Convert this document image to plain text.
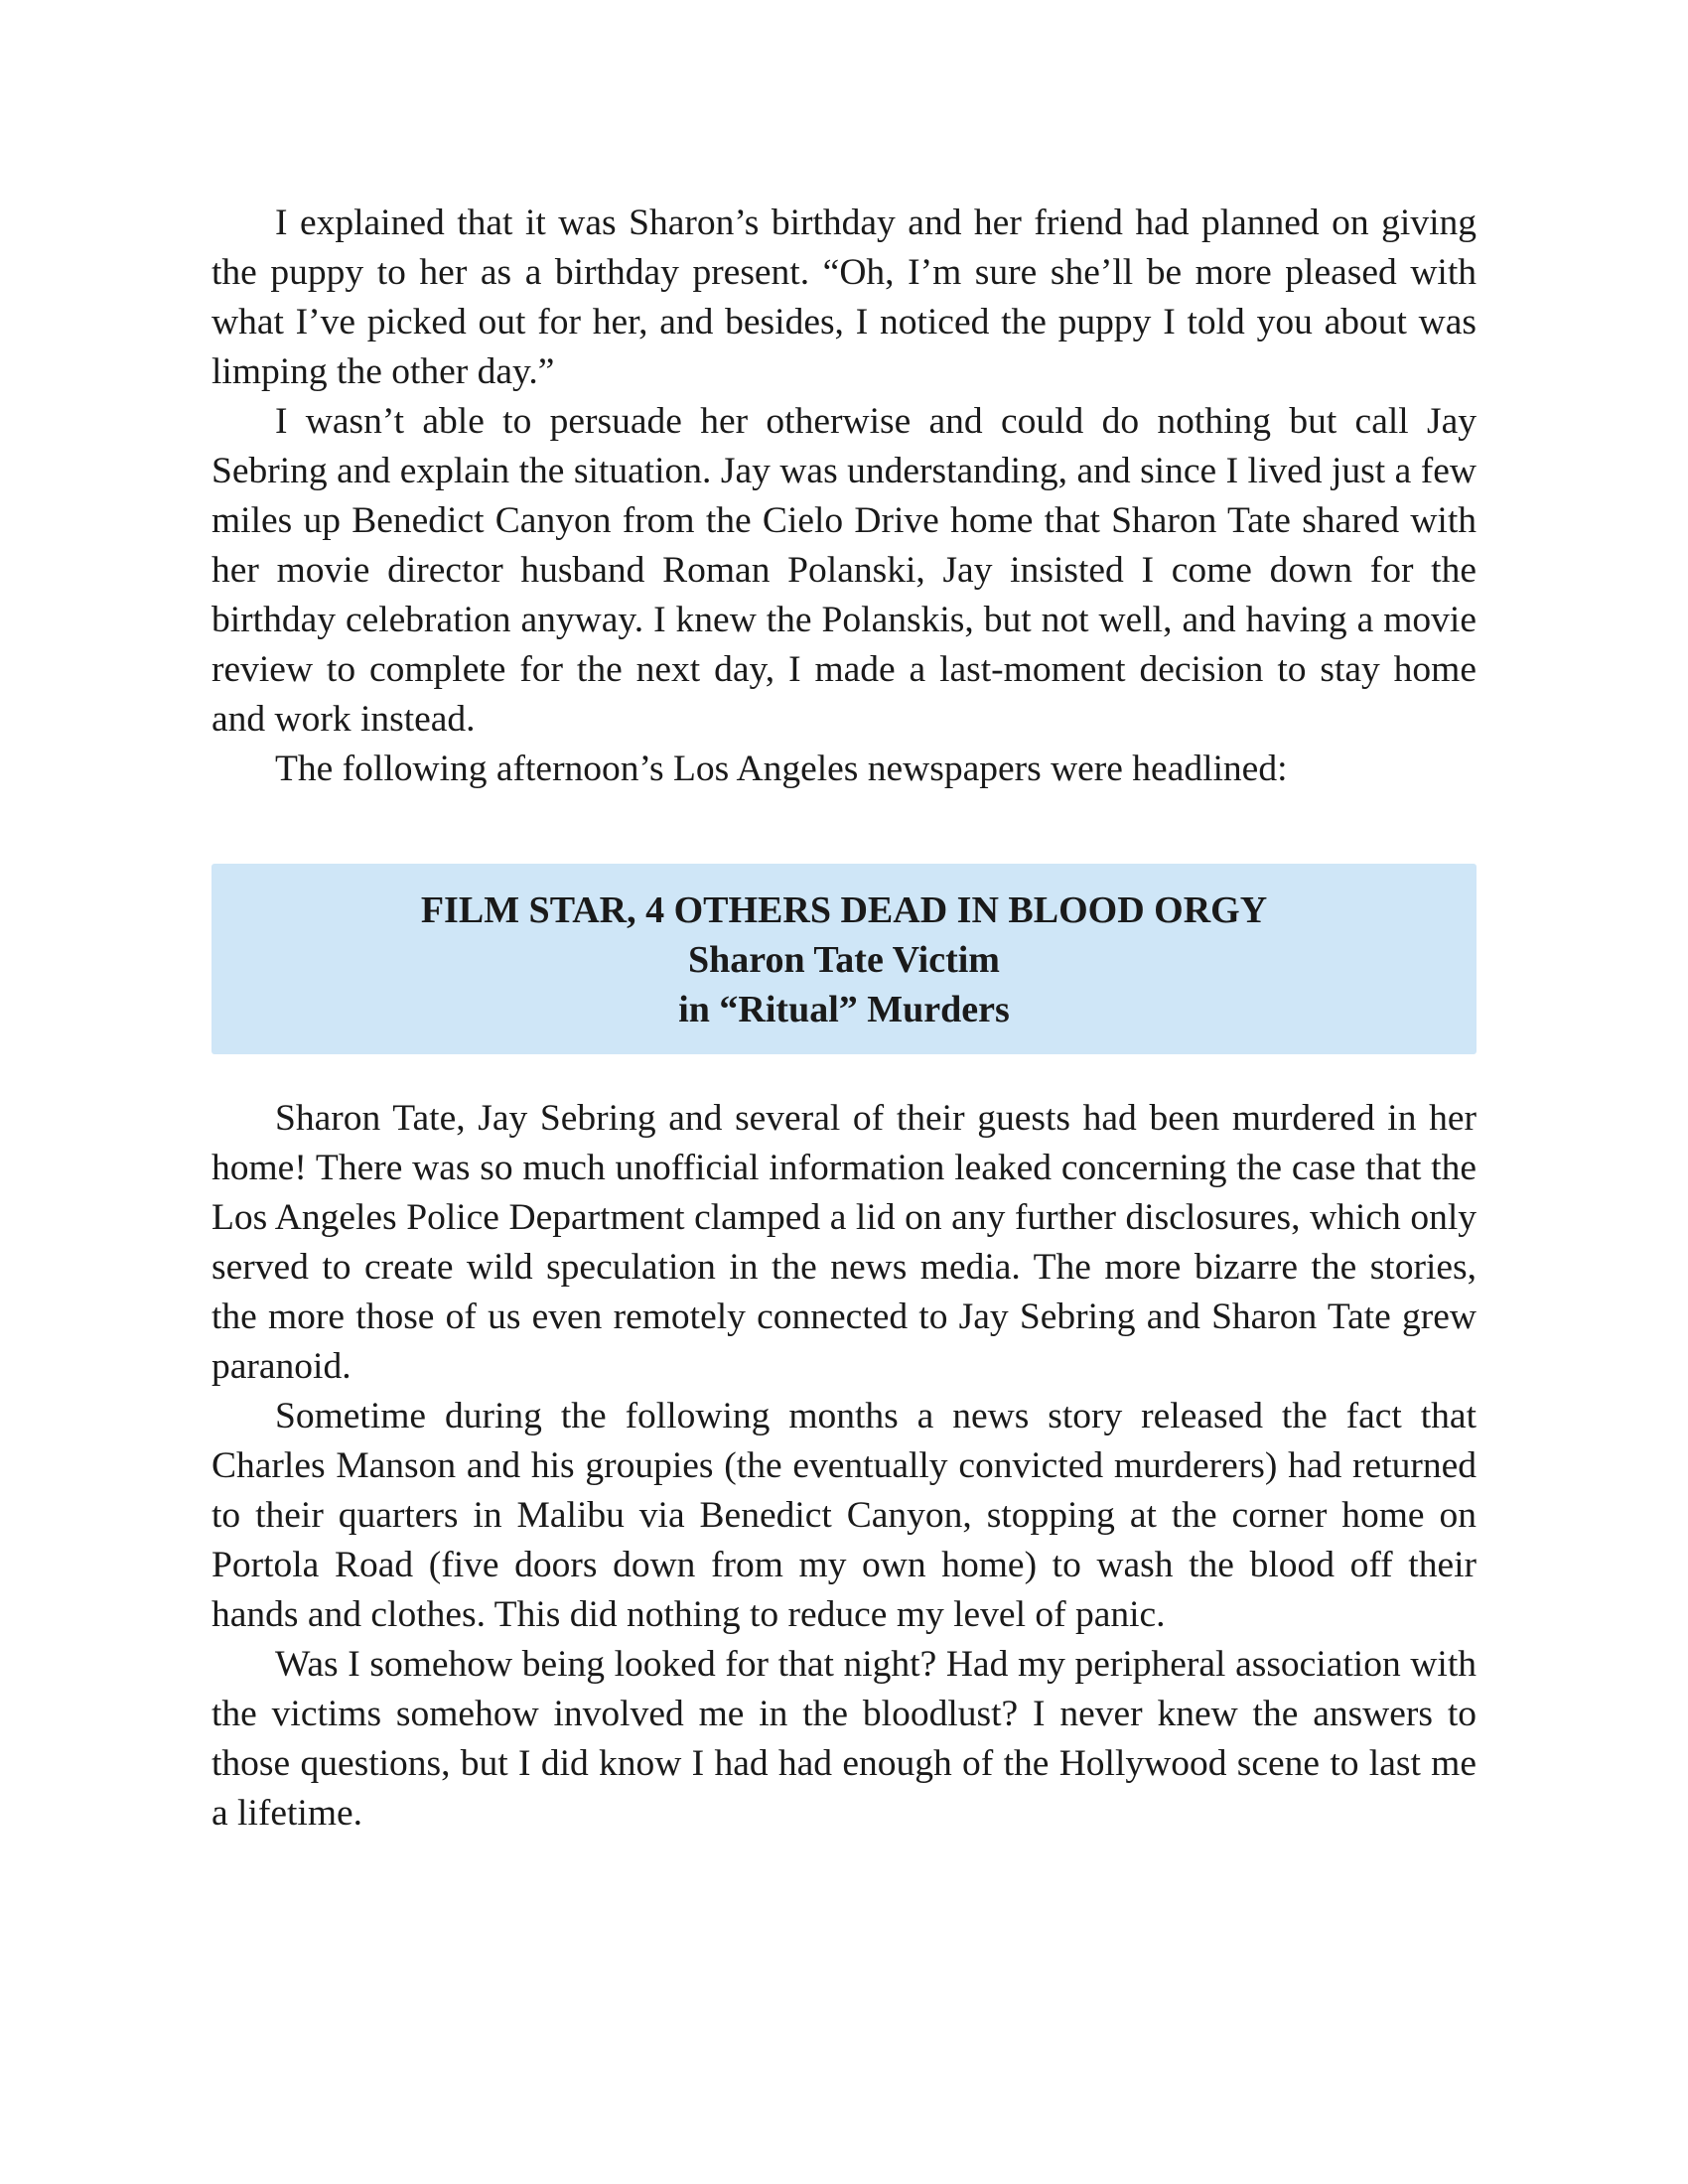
I explained that it was Sharon’s birthday and her friend had planned on giving the puppy to her as a birthday present. “Oh, I’m sure she’ll be more pleased with what I’ve picked out for her, and besides, I noticed the puppy I told you about was limping the other day.”

I wasn’t able to persuade her otherwise and could do nothing but call Jay Sebring and explain the situation. Jay was understanding, and since I lived just a few miles up Benedict Canyon from the Cielo Drive home that Sharon Tate shared with her movie director husband Roman Polanski, Jay insisted I come down for the birthday celebration anyway. I knew the Polanskis, but not well, and having a movie review to complete for the next day, I made a last-moment decision to stay home and work instead.

The following afternoon’s Los Angeles newspapers were headlined:

FILM STAR, 4 OTHERS DEAD IN BLOOD ORGY
Sharon Tate Victim
in “Ritual” Murders

Sharon Tate, Jay Sebring and several of their guests had been murdered in her home! There was so much unofficial information leaked concerning the case that the Los Angeles Police Department clamped a lid on any further disclosures, which only served to create wild speculation in the news media. The more bizarre the stories, the more those of us even remotely connected to Jay Sebring and Sharon Tate grew paranoid.

Sometime during the following months a news story released the fact that Charles Manson and his groupies (the eventually convicted murderers) had returned to their quarters in Malibu via Benedict Canyon, stopping at the corner home on Portola Road (five doors down from my own home) to wash the blood off their hands and clothes. This did nothing to reduce my level of panic.

Was I somehow being looked for that night? Had my peripheral association with the victims somehow involved me in the bloodlust? I never knew the answers to those questions, but I did know I had had enough of the Hollywood scene to last me a lifetime.
